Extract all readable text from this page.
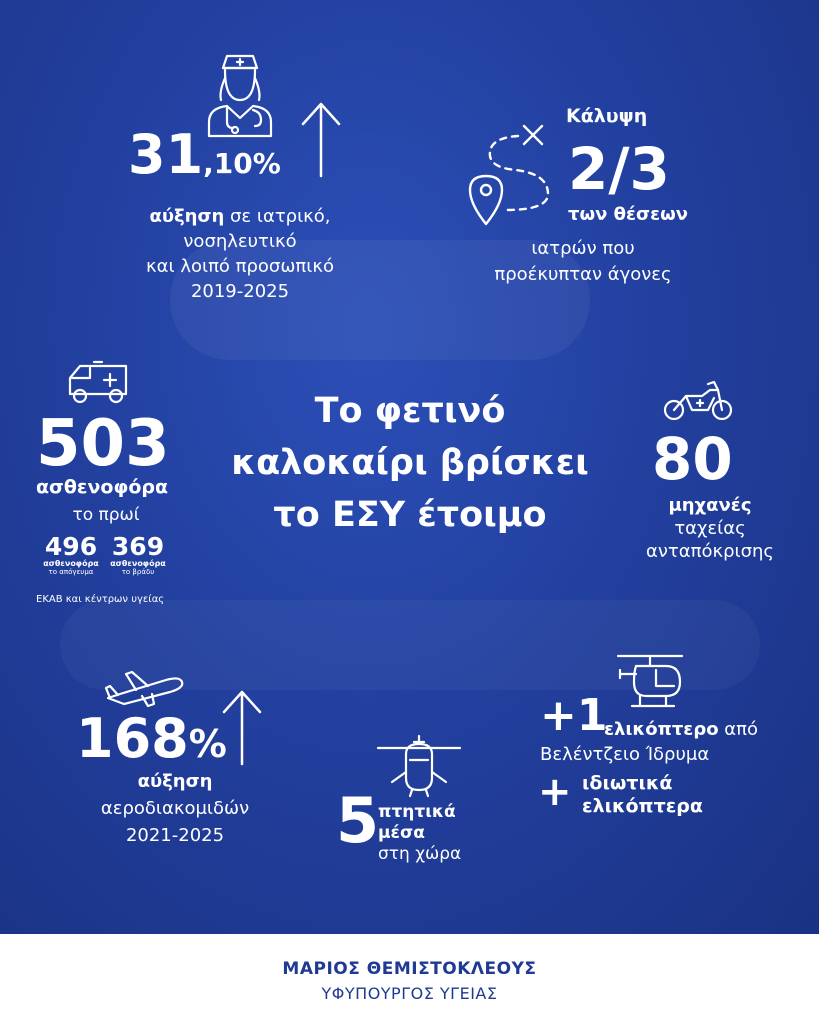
Το φετινό
καλοκαίρι βρίσκει
το ΕΣΥ έτοιμο
31,10%
αύξηση σε ιατρικό,
νοσηλευτικό
και λοιπό προσωπικό
2019-2025
Κάλυψη
2/3
των θέσεων
ιατρών που
προέκυπταν άγονες
503
ασθενοφόρα
το πρωί
496
ασθενοφόρα
το απόγευμα
369
ασθενοφόρα
το βράδυ
ΕΚΑΒ και κέντρων υγείας
80
μηχανές
ταχείας
ανταπόκρισης
168%
αύξηση
αεροδιακομιδών
2021-2025	5
πτητικά
μέσα
στη χώρα
+1
ελικόπτερο από
Βελέντζειο Ίδρυμα
+ ιδιωτικά
ελικόπτερα
ΜΑΡΙΟΣ ΘΕΜΙΣΤΟΚΛΕΟΥΣ
ΥΦΥΠΟΥΡΓΟΣ ΥΓΕΙΑΣ
